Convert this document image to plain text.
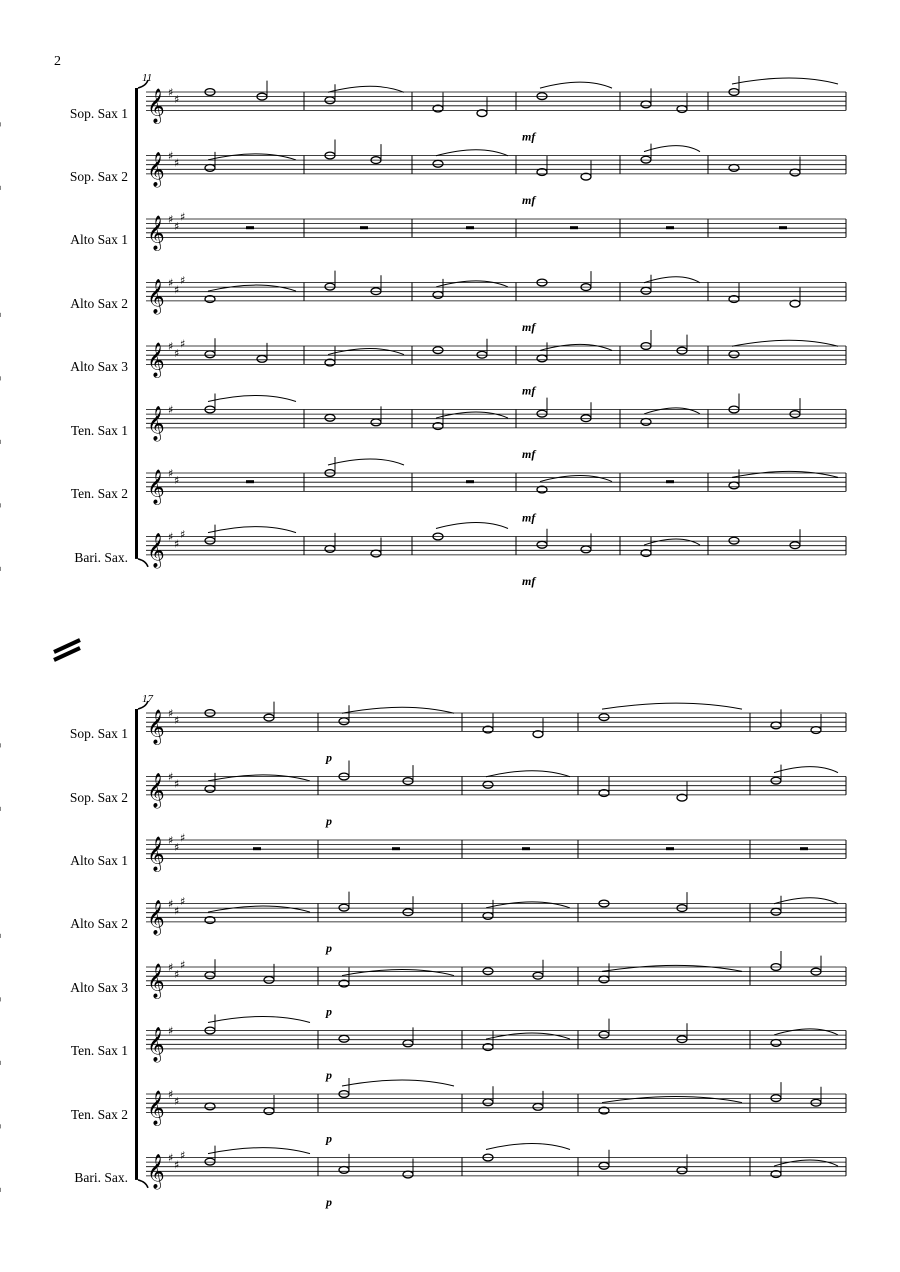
2
11
Sop. Sax 1
Sop. Sax 2
Alto Sax 1
Alto Sax 2
Alto Sax 3
Ten. Sax 1
Ten. Sax 2
Bari. Sax.
17
Sop. Sax 1
Sop. Sax 2
Alto Sax 1
Alto Sax 2
Alto Sax 3
Ten. Sax 1
Ten. Sax 2
Bari. Sax.
𝄞 ♯
♯
mf
𝄞 ♯
♯
mf
𝄞 ♯
♯
♯
𝄞 ♯
♯
♯
mf
𝄞 ♯
♯
♯
mf
𝄞 ♯
mf
𝄞 ♯
♯
mf
𝄞 ♯
♯
♯
mf
𝄞 ♯
♯
p
𝄞 ♯
♯
p
𝄞 ♯
♯
♯
𝄞 ♯
♯
♯
p
𝄞 ♯
♯
♯
p
𝄞 ♯
p
𝄞 ♯
♯
p
𝄞 ♯
♯
♯
p
